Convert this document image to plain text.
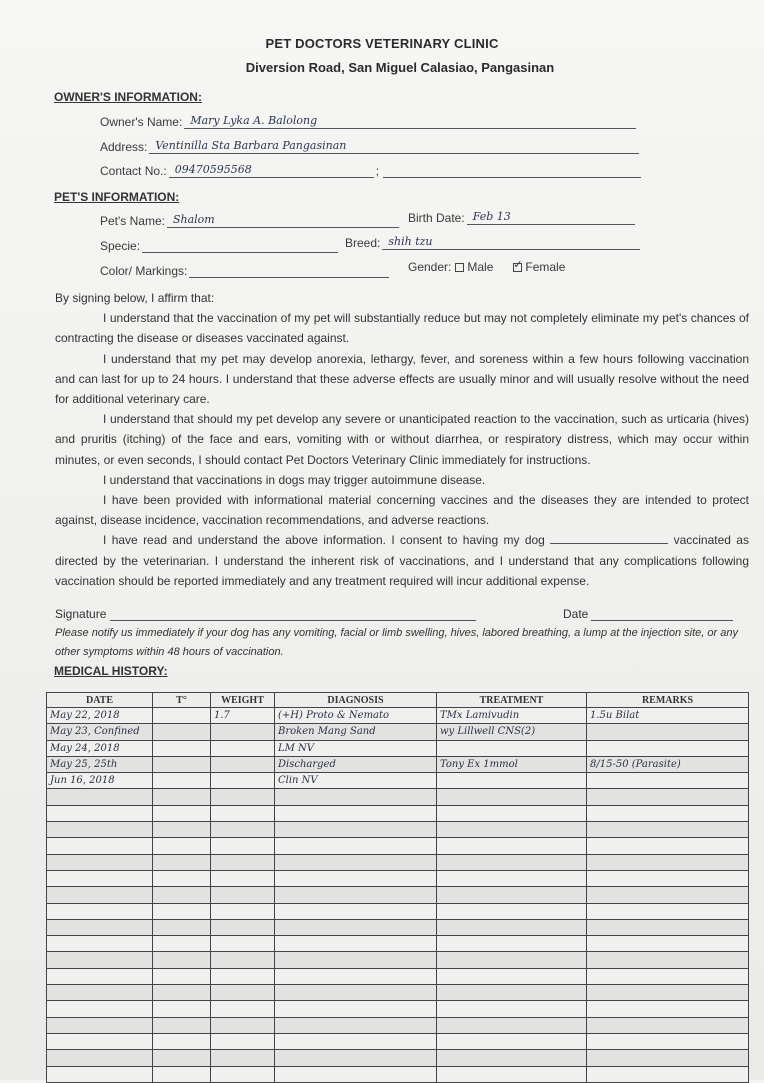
PET DOCTORS VETERINARY CLINIC
Diversion Road, San Miguel Calasiao, Pangasinan
OWNER'S INFORMATION:
Owner's Name: Mary Lyka A. Balolong
Address: Ventinilla Sta Barbara Pangasinan
Contact No.: 09470595568	;
PET'S INFORMATION:
Pet's Name: Shalom	Birth Date: Feb 13
Specie:	Breed: shih tzu
Color/ Markings:	Gender: Male ✓	Female

By signing below, I affirm that:

I understand that the vaccination of my pet will substantially reduce but may not completely eliminate my pet's chances of contracting the disease or diseases vaccinated against.

I understand that my pet may develop anorexia, lethargy, fever, and soreness within a few hours following vaccination and can last for up to 24 hours. I understand that these adverse effects are usually minor and will usually resolve without the need for additional veterinary care.

I understand that should my pet develop any severe or unanticipated reaction to the vaccination, such as urticaria (hives) and pruritis (itching) of the face and ears, vomiting with or without diarrhea, or respiratory distress, which may occur within minutes, or even seconds, I should contact Pet Doctors Veterinary Clinic immediately for instructions.

I understand that vaccinations in dogs may trigger autoimmune disease.

I have been provided with informational material concerning vaccines and the diseases they are intended to protect against, disease incidence, vaccination recommendations, and adverse reactions.

I have read and understand the above information. I consent to having my dog	vaccinated as directed by the veterinarian. I understand the inherent risk of vaccinations, and I understand that any complications following vaccination should be reported immediately and any treatment required will incur additional expense.

Signature	Date
Please notify us immediately if your dog has any vomiting, facial or limb swelling, hives, labored breathing, a lump at the injection site, or any other symptoms within 48 hours of vaccination.
MEDICAL HISTORY:
DATE	T°	WEIGHT	DIAGNOSIS	TREATMENT	REMARKS
May 22, 2018		1.7	(+H) Proto & Nemato	TMx Lamivudin	1.5u Bilat
May 23, Confined			Broken Mang Sand	wy Lillwell CNS(2)	
May 24, 2018			LM NV		
May 25, 25th			Discharged	Tony Ex 1mmol	8/15-50 (Parasite)
Jun 16, 2018			Clin NV		
